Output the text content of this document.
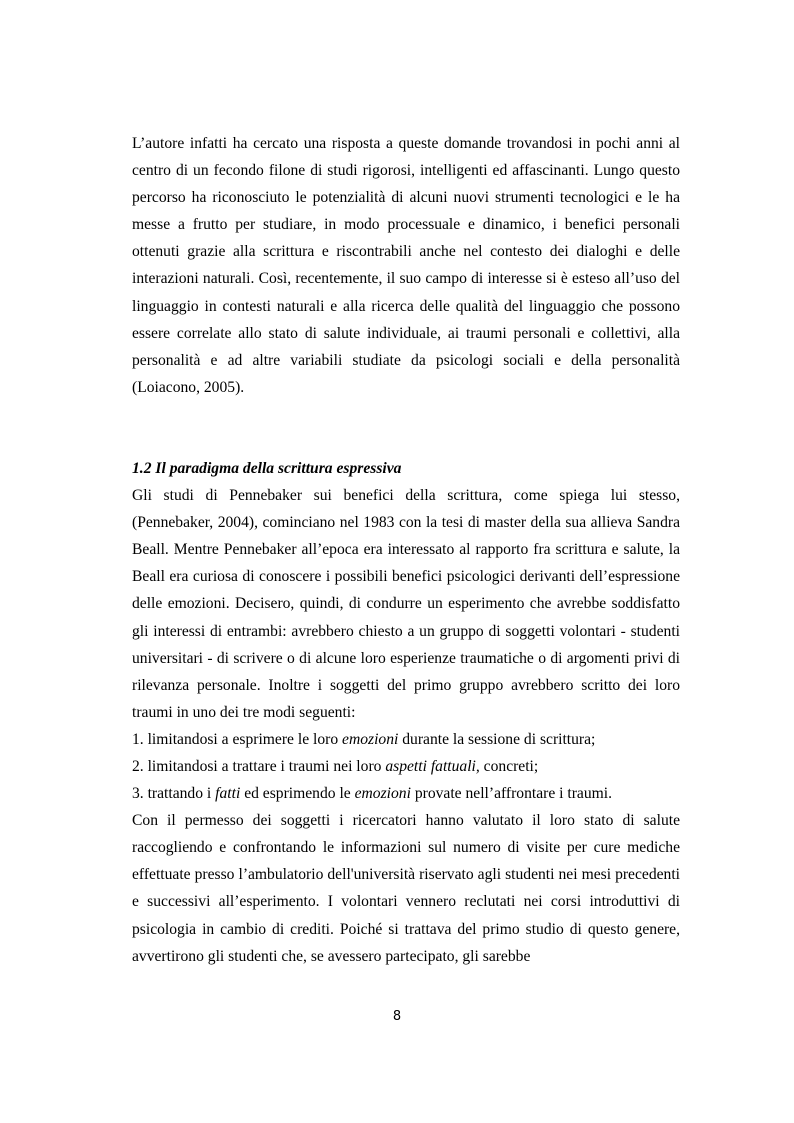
L’autore infatti ha cercato una risposta a queste domande trovandosi in pochi anni al centro di un fecondo filone di studi rigorosi, intelligenti ed affascinanti. Lungo questo percorso ha riconosciuto le potenzialità di alcuni nuovi strumenti tecnologici e le ha messe a frutto per studiare, in modo processuale e dinamico, i benefici personali ottenuti grazie alla scrittura e riscontrabili anche nel contesto dei dialoghi e delle interazioni naturali. Così, recentemente, il suo campo di interesse si è esteso all’uso del linguaggio in contesti naturali e alla ricerca delle qualità del linguaggio che possono essere correlate allo stato di salute individuale, ai traumi personali e collettivi, alla personalità e ad altre variabili studiate da psicologi sociali e della personalità (Loiacono, 2005).

1.2 Il paradigma della scrittura espressiva

Gli studi di Pennebaker sui benefici della scrittura, come spiega lui stesso, (Pennebaker, 2004), cominciano nel 1983 con la tesi di master della sua allieva Sandra Beall. Mentre Pennebaker all’epoca era interessato al rapporto fra scrittura e salute, la Beall era curiosa di conoscere i possibili benefici psicologici derivanti dell’espressione delle emozioni. Decisero, quindi, di condurre un esperimento che avrebbe soddisfatto gli interessi di entrambi: avrebbero chiesto a un gruppo di soggetti volontari - studenti universitari - di scrivere o di alcune loro esperienze traumatiche o di argomenti privi di rilevanza personale. Inoltre i soggetti del primo gruppo avrebbero scritto dei loro traumi in uno dei tre modi seguenti:

1. limitandosi a esprimere le loro emozioni durante la sessione di scrittura;

2. limitandosi a trattare i traumi nei loro aspetti fattuali, concreti;

3. trattando i fatti ed esprimendo le emozioni provate nell’affrontare i traumi.

Con il permesso dei soggetti i ricercatori hanno valutato il loro stato di salute raccogliendo e confrontando le informazioni sul numero di visite per cure mediche effettuate presso l’ambulatorio dell'università riservato agli studenti nei mesi precedenti e successivi all’esperimento. I volontari vennero reclutati nei corsi introduttivi di psicologia in cambio di crediti. Poiché si trattava del primo studio di questo genere, avvertirono gli studenti che, se avessero partecipato, gli sarebbe

8
